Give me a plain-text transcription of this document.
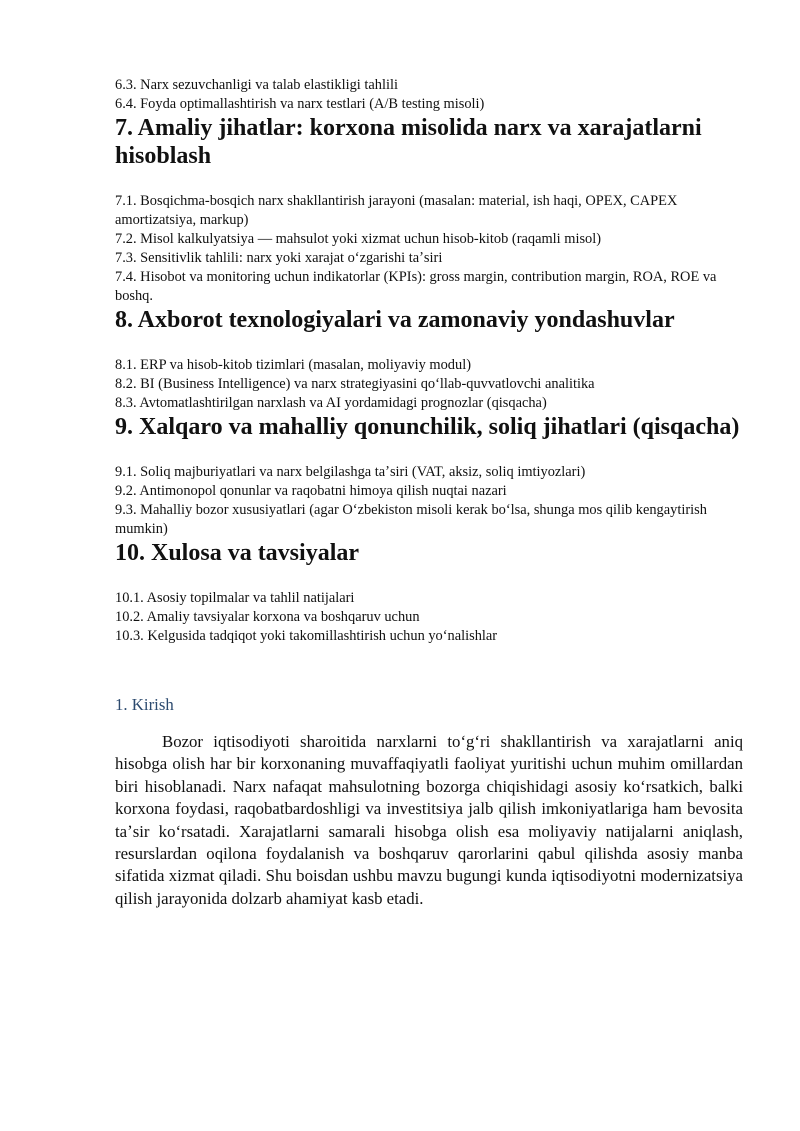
6.3. Narx sezuvchanligi va talab elastikligi tahlili

6.4. Foyda optimallashtirish va narx testlari (A/B testing misoli)

7. Amaliy jihatlar: korxona misolida narx va xarajatlarni hisoblash

7.1. Bosqichma-bosqich narx shakllantirish jarayoni (masalan: material, ish haqi, OPEX, CAPEX amortizatsiya, markup)

7.2. Misol kalkulyatsiya — mahsulot yoki xizmat uchun hisob-kitob (raqamli misol)

7.3. Sensitivlik tahlili: narx yoki xarajat oʻzgarishi taʼsiri

7.4. Hisobot va monitoring uchun indikatorlar (KPIs): gross margin, contribution margin, ROA, ROE va boshq.

8. Axborot texnologiyalari va zamonaviy yondashuvlar

8.1. ERP va hisob-kitob tizimlari (masalan, moliyaviy modul)

8.2. BI (Business Intelligence) va narx strategiyasini qoʻllab-quvvatlovchi analitika

8.3. Avtomatlashtirilgan narxlash va AI yordamidagi prognozlar (qisqacha)

9. Xalqaro va mahalliy qonunchilik, soliq jihatlari (qisqacha)

9.1. Soliq majburiyatlari va narx belgilashga taʼsiri (VAT, aksiz, soliq imtiyozlari)

9.2. Antimonopol qonunlar va raqobatni himoya qilish nuqtai nazari

9.3. Mahalliy bozor xususiyatlari (agar Oʻzbekiston misoli kerak boʻlsa, shunga mos qilib kengaytirish mumkin)

10. Xulosa va tavsiyalar

10.1. Asosiy topilmalar va tahlil natijalari

10.2. Amaliy tavsiyalar korxona va boshqaruv uchun

10.3. Kelgusida tadqiqot yoki takomillashtirish uchun yoʻnalishlar

1. Kirish

Bozor iqtisodiyoti sharoitida narxlarni toʻgʻri shakllantirish va xarajatlarni aniq hisobga olish har bir korxonaning muvaffaqiyatli faoliyat yuritishi uchun muhim omillardan biri hisoblanadi. Narx nafaqat mahsulotning bozorga chiqishidagi asosiy koʻrsatkich, balki korxona foydasi, raqobatbardoshligi va investitsiya jalb qilish imkoniyatlariga ham bevosita taʼsir koʻrsatadi. Xarajatlarni samarali hisobga olish esa moliyaviy natijalarni aniqlash, resurslardan oqilona foydalanish va boshqaruv qarorlarini qabul qilishda asosiy manba sifatida xizmat qiladi. Shu boisdan ushbu mavzu bugungi kunda iqtisodiyotni modernizatsiya qilish jarayonida dolzarb ahamiyat kasb etadi.
